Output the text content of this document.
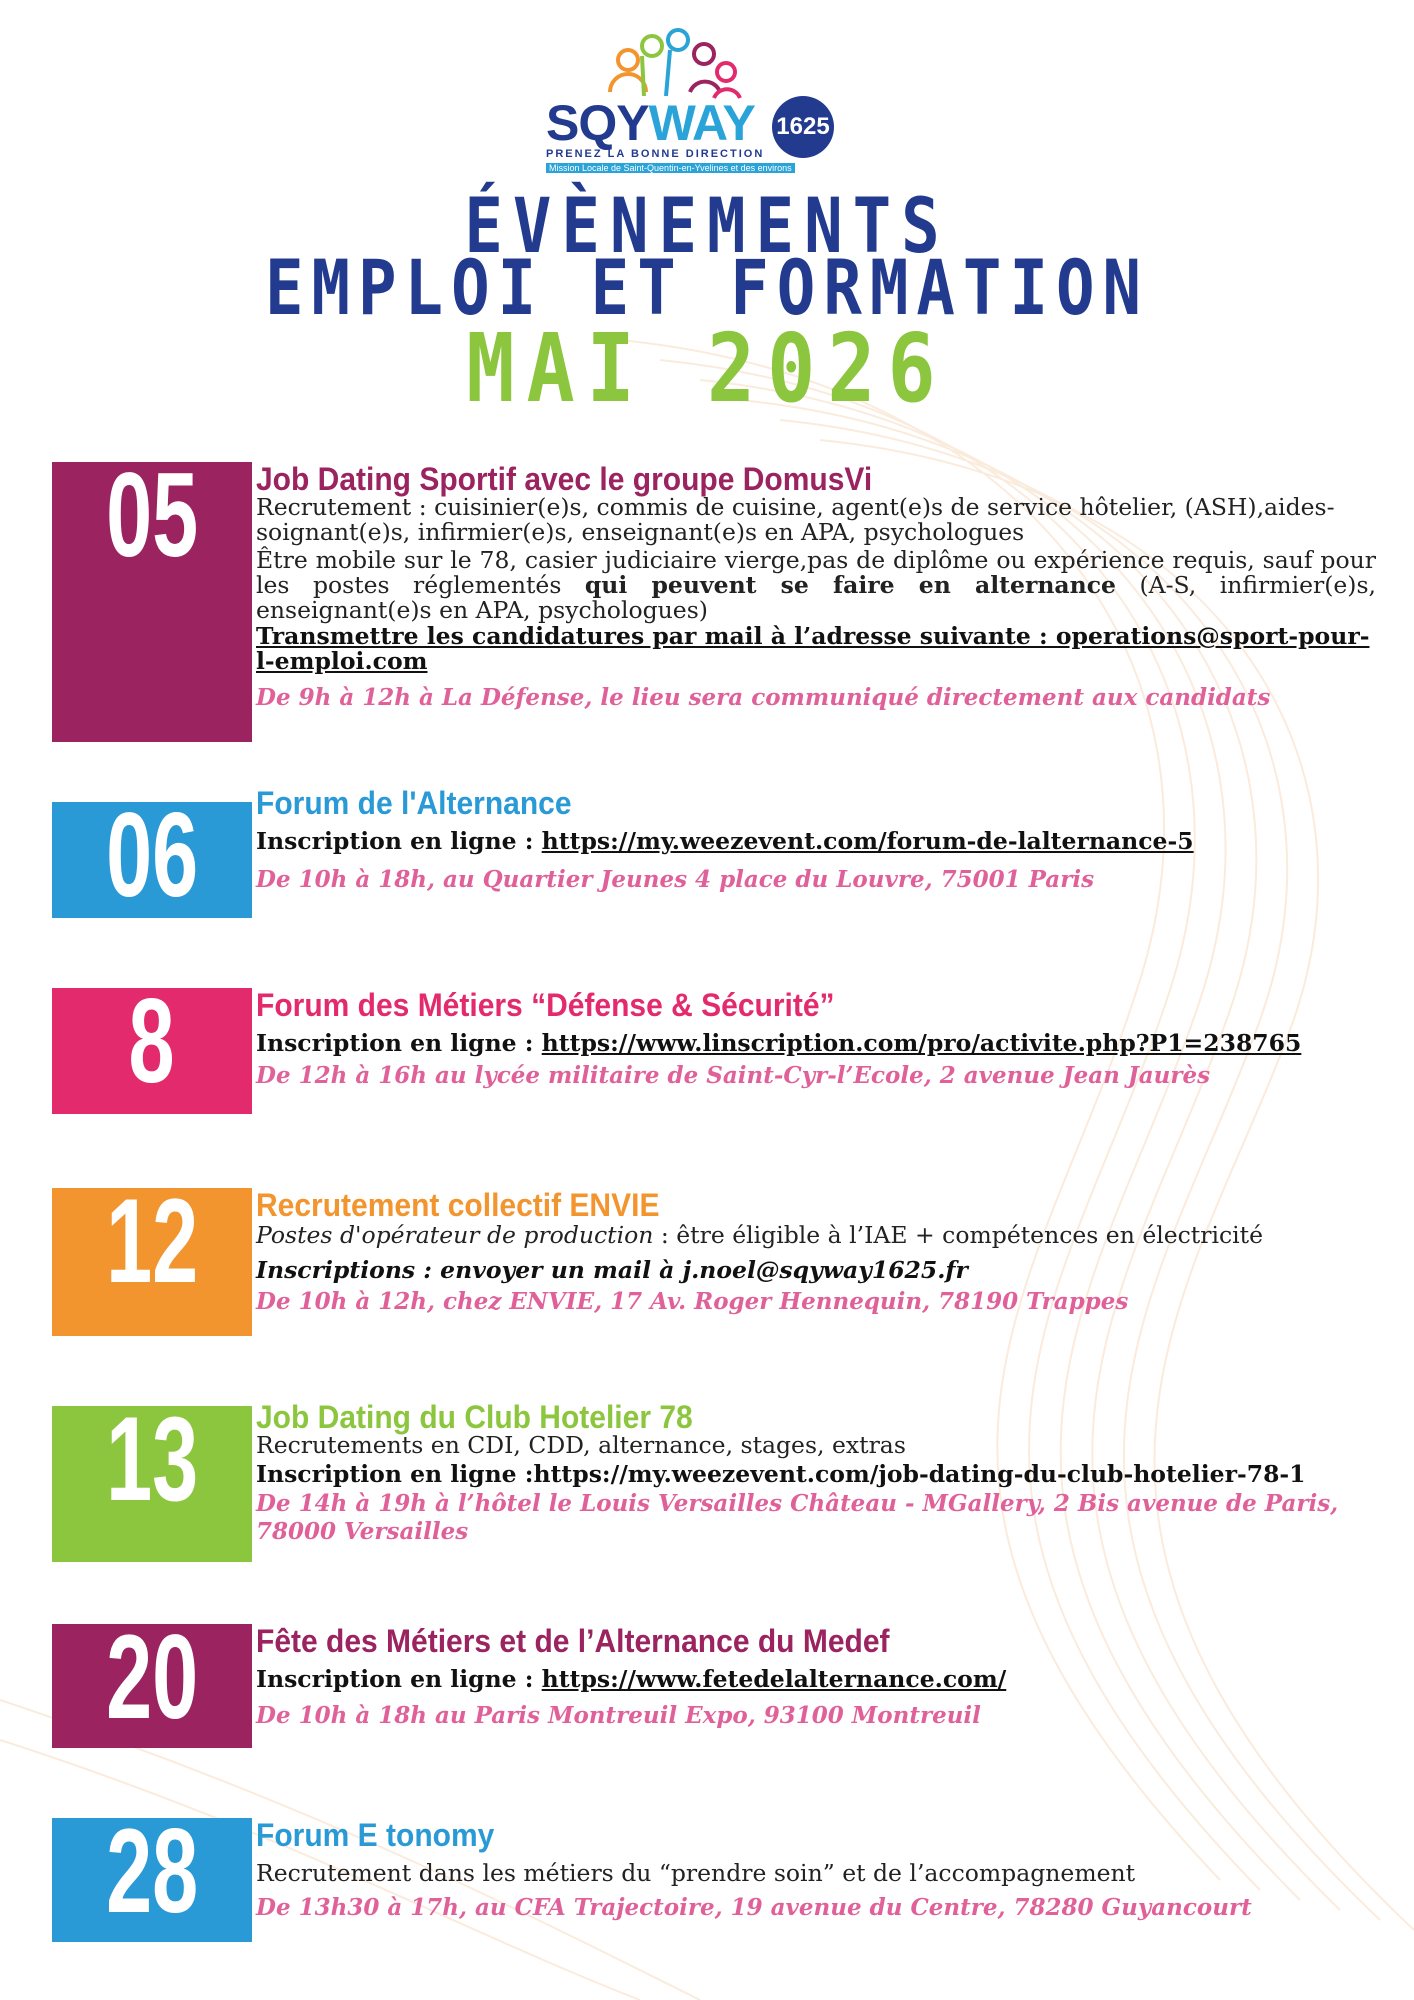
SQYWAY 1625
PRENEZ LA BONNE DIRECTION
Mission Locale de Saint-Quentin-en-Yvelines et des environs
ÉVÈNEMENTS
EMPLOI ET FORMATION
MAI 2026
05 Job Dating Sportif avec le groupe DomusVi
Recrutement : cuisinier(e)s, commis de cuisine, agent(e)s de service hôtelier, (ASH),aides-soignant(e)s, infirmier(e)s, enseignant(e)s en APA, psychologues
Être mobile sur le 78, casier judiciaire vierge,pas de diplôme ou expérience requis, sauf pour les postes réglementés qui peuvent se faire en alternance (A-S, infirmier(e)s, enseignant(e)s en APA, psychologues)
Transmettre les candidatures par mail à l’adresse suivante : operations@sport-pour-l-emploi.com
De 9h à 12h à La Défense, le lieu sera communiqué directement aux candidats
06 Forum de l'Alternance
Inscription en ligne : https://my.weezevent.com/forum-de-lalternance-5
De 10h à 18h, au Quartier Jeunes 4 place du Louvre, 75001 Paris
8	Forum des Métiers “Défense & Sécurité”
Inscription en ligne : https://www.linscription.com/pro/activite.php?P1=238765
De 12h à 16h au lycée militaire de Saint-Cyr-l’Ecole, 2 avenue Jean Jaurès
12 Recrutement collectif ENVIE
Postes d'opérateur de production : être éligible à l’IAE + compétences en électricité
Inscriptions : envoyer un mail à j.noel@sqyway1625.fr
De 10h à 12h, chez ENVIE, 17 Av. Roger Hennequin, 78190 Trappes
13 Job Dating du Club Hotelier 78
Recrutements en CDI, CDD, alternance, stages, extras
Inscription en ligne :https://my.weezevent.com/job-dating-du-club-hotelier-78-1
De 14h à 19h à l’hôtel le Louis Versailles Château - MGallery, 2 Bis avenue de Paris, 78000 Versailles
20 Fête des Métiers et de l’Alternance du Medef
Inscription en ligne : https://www.fetedelalternance.com/
De 10h à 18h au Paris Montreuil Expo, 93100 Montreuil
28 Forum E tonomy
Recrutement dans les métiers du “prendre soin” et de l’accompagnement
De 13h30 à 17h, au CFA Trajectoire, 19 avenue du Centre, 78280 Guyancourt
